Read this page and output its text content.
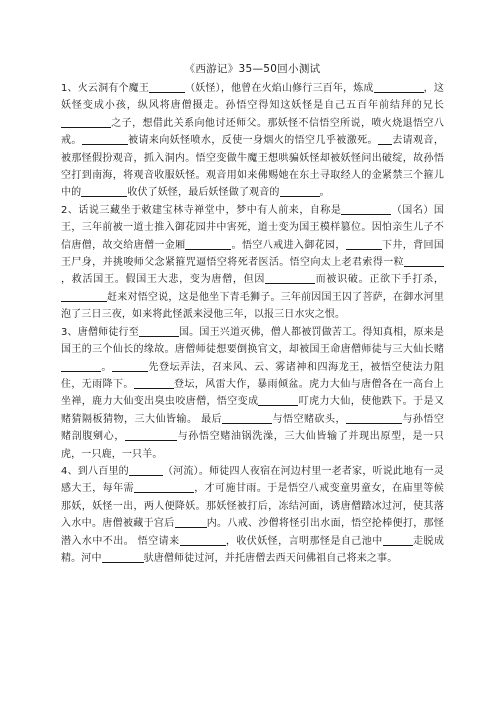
《西游记》35—50回小测试

1、火云洞有个魔王	（妖怪），他曾在火焰山修行三百年，炼成	，这妖怪变成小孩，纵风将唐僧摄走。孙悟空得知这妖怪是自己五百年前结拜的兄长之子，想借此关系向他讨还师父。那妖怪不信悟空所说，喷火烧退悟空八戒。	被请来向妖怪喷水，反使一身烟火的悟空几乎被激死。 去请观音，被那怪假扮观音，抓入洞内。悟空变做牛魔王想哄骗妖怪却被妖怪问出破绽，故孙悟空打到南海，将观音收服妖怪。观音用如来佛赐她在东土寻取经人的金紧禁三个箍儿中的	收伏了妖怪，最后妖怪做了观音的	。

2、话说三藏坐于敕建宝林寺禅堂中，梦中有人前来，自称是	（国名）国王，三年前被一道士推入御花园井中害死，道士变为国王模样篡位。因怕亲生儿子不信唐僧，故交给唐僧一金厢	。悟空八戒进入御花园，	下井，背回国王尸身，并挑唆师父念紧箍咒逼悟空将死者医活。悟空向太上老君索得一粒，救活国王。假国王大悲，变为唐僧，但因	而被识破。正欲下手打杀，赶来对悟空说，这是他坐下青毛狮子。三年前因国王囚了菩萨，在御水河里泡了三日三夜，如来将此怪派来浸他三年，以报三日水灾之恨。

3、唐僧师徒行至	国。国王兴道灭佛，僧人都被罚做苦工。得知真相，原来是国王的三个仙长的缘故。唐僧师徒想要倒换官文，却被国王命唐僧师徒与三大仙长赌。	先登坛弄法，召来风、云、雾诸神和四海龙王，被悟空使法力阻住，无雨降下。	登坛，风雷大作，暴雨倾盆。虎力大仙与唐僧各在一高台上坐禅，鹿力大仙变出臭虫咬唐僧，悟空变成	叮虎力大仙，使他跌下。于是又赌猜隔板猜物，三大仙皆输。 最后	与悟空赌砍头，	与孙悟空赌剖腹剜心，	与孙悟空赌油锅洗澡，三大仙皆输了并现出原型，是一只虎，一只鹿，一只羊。

4、到八百里的	（河流）。师徒四人夜宿在河边村里一老者家，听说此地有一灵感大王，每年需	，才可施甘雨。于是悟空八戒变童男童女，在庙里等候那妖，妖怪一出，两人便降妖。那妖怪被打后，冻结河面，诱唐僧踏冰过河，使其落入水中。唐僧被藏于宫后	内。八戒、沙僧将怪引出水面，悟空抡棒便打，那怪潜入水中不出。 悟空请来	，收伏妖怪，言明那怪是自己池中	走脱成精。河中	驮唐僧师徒过河，并托唐僧去西天问佛祖自己将来之事。
